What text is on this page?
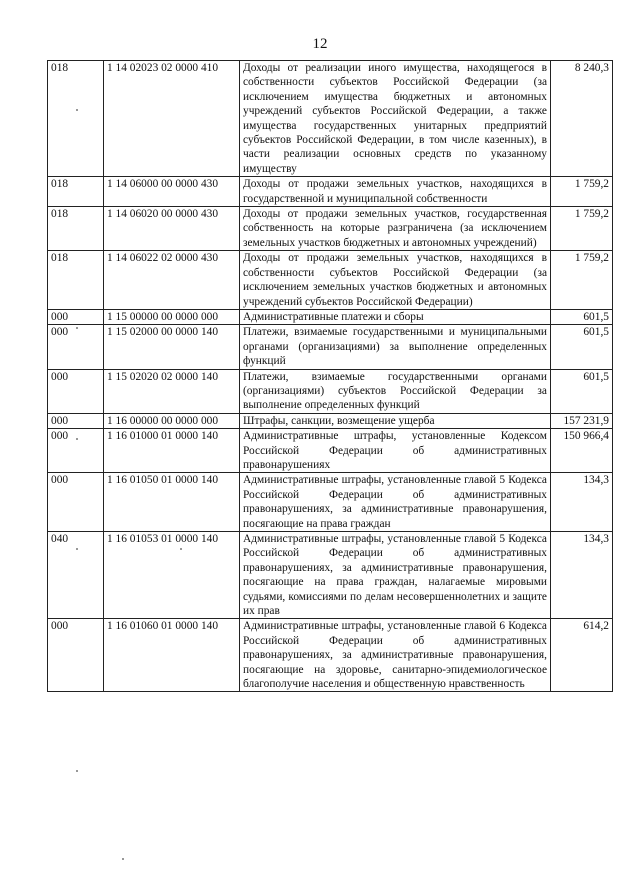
12
018	1 14 02023 02 0000 410	Доходы от реализации иного имущества, находящегося в собственности субъектов Российской Федерации (за исключением имущества бюджетных и автономных учреждений субъектов Российской Федерации, а также имущества государственных унитарных предприятий субъектов Российской Федерации, в том числе казенных), в части реализации основных средств по указанному имуществу	8 240,3
018	1 14 06000 00 0000 430	Доходы от продажи земельных участков, находящихся в государственной и муниципальной собственности	1 759,2
018	1 14 06020 00 0000 430	Доходы от продажи земельных участков, государственная собственность на которые разграничена (за исключением земельных участков бюджетных и автономных учреждений)	1 759,2
018	1 14 06022 02 0000 430	Доходы от продажи земельных участков, находящихся в собственности субъектов Российской Федерации (за исключением земельных участков бюджетных и автономных учреждений субъектов Российской Федерации)	1 759,2
000	1 15 00000 00 0000 000	Административные платежи и сборы	601,5
000	1 15 02000 00 0000 140	Платежи, взимаемые государственными и муниципальными органами (организациями) за выполнение определенных функций	601,5
000	1 15 02020 02 0000 140	Платежи, взимаемые государственными органами (организациями) субъектов Российской Федерации за выполнение определенных функций	601,5
000	1 16 00000 00 0000 000	Штрафы, санкции, возмещение ущерба	157 231,9
000	1 16 01000 01 0000 140	Административные штрафы, установленные Кодексом Российской Федерации об административных правонарушениях	150 966,4
000	1 16 01050 01 0000 140	Административные штрафы, установленные главой 5 Кодекса Российской Федерации об административных правонарушениях, за административные правонарушения, посягающие на права граждан	134,3
040	1 16 01053 01 0000 140	Административные штрафы, установленные главой 5 Кодекса Российской Федерации об административных правонарушениях, за административные правонарушения, посягающие на права граждан, налагаемые мировыми судьями, комиссиями по делам несовершеннолетних и защите их прав	134,3
000	1 16 01060 01 0000 140	Административные штрафы, установленные главой 6 Кодекса Российской Федерации об административных правонарушениях, за административные правонарушения, посягающие на здоровье, санитарно-эпидемиологическое благополучие населения и общественную нравственность	614,2
